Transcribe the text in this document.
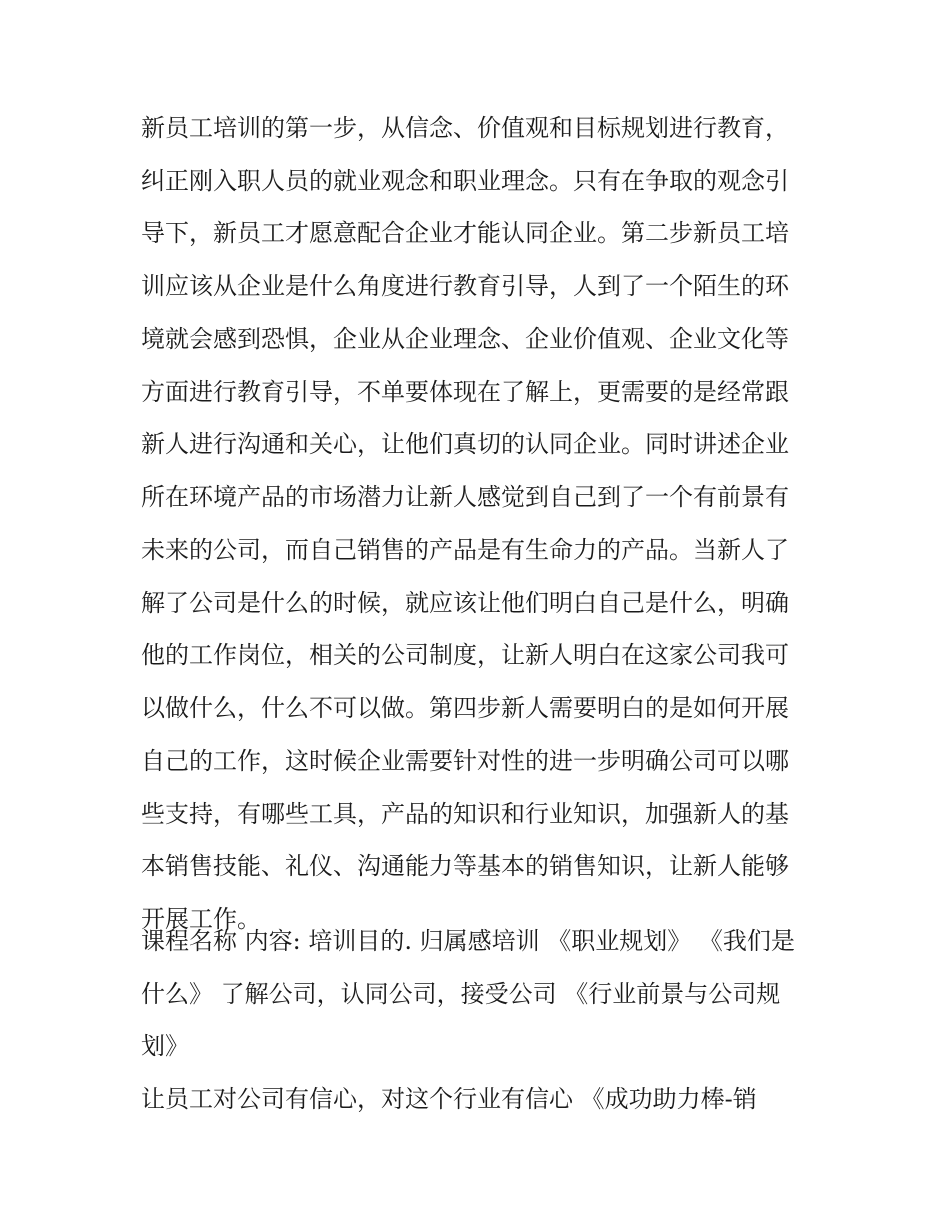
新员工培训的第一步，从信念、价值观和目标规划进行教育，
纠正刚入职人员的就业观念和职业理念。只有在争取的观念引
导下，新员工才愿意配合企业才能认同企业。第二步新员工培
训应该从企业是什么角度进行教育引导，人到了一个陌生的环
境就会感到恐惧，企业从企业理念、企业价值观、企业文化等
方面进行教育引导，不单要体现在了解上，更需要的是经常跟
新人进行沟通和关心，让他们真切的认同企业。同时讲述企业
所在环境产品的市场潜力让新人感觉到自己到了一个有前景有
未来的公司，而自己销售的产品是有生命力的产品。当新人了
解了公司是什么的时候，就应该让他们明白自己是什么，明确
他的工作岗位，相关的公司制度，让新人明白在这家公司我可
以做什么，什么不可以做。第四步新人需要明白的是如何开展
自己的工作，这时候企业需要针对性的进一步明确公司可以哪
些支持，有哪些工具，产品的知识和行业知识，加强新人的基
本销售技能、礼仪、沟通能力等基本的销售知识，让新人能够
开展工作。
课程名称 内容: 培训目的. 归属感培训 《职业规划》 《我们是
什么》 了解公司，认同公司，接受公司 《行业前景与公司规
划》
让员工对公司有信心，对这个行业有信心 《成功助力棒-销
